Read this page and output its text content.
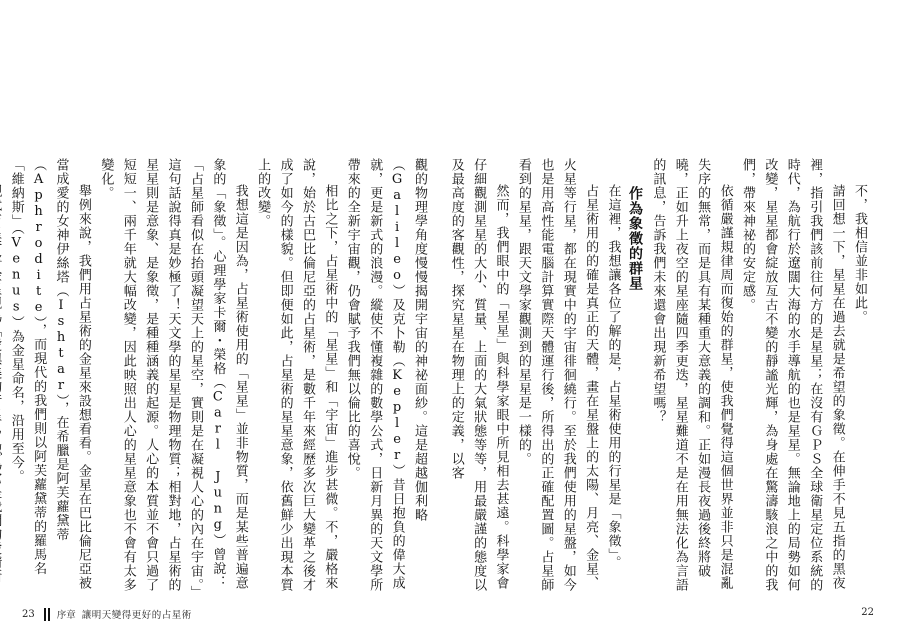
觀的物理學角度慢慢揭開宇宙的神祕面紗。這是超越伽利略（Galileo）及克卜勒（Kepler）昔日抱負的偉大成就，更是新式的浪漫。縱使不懂複雜的數學公式，日新月異的天文學所帶來的全新宇宙觀，仍會賦予我們無以倫比的喜悅。

相比之下，占星術中的「星星」和「宇宙」進步甚微。不，嚴格來說，始於古巴比倫尼亞的占星術，是數千年來經歷多次巨大變革之後才成了如今的樣貌。但即便如此，占星術的星星意象，依舊鮮少出現本質上的改變。

我想這是因為，占星術使用的「星星」並非物質，而是某些普遍意象的「象徵」。心理學家卡爾・榮格（Carl Jung）曾說：「占星師看似在抬頭凝望天上的星空，實則是在凝視人心的內在宇宙。」這句話說得真是妙極了！天文學的星星是物理物質；相對地，占星術的星星則是意象、是象徵，是種種涵義的起源。人心的本質並不會只過了短短一、兩千年就大幅改變，因此映照出人心的星星意象也不會有太多變化。

舉例來說，我們用占星術的金星來設想看看。金星在巴比倫尼亞被當成愛的女神伊絲塔（Ishtar），在希臘是阿芙蘿黛蒂（Aphrodite），而現代的我們則以阿芙蘿黛蒂的羅馬名「維納斯」（Venus）為金星命名，沿用至今。

23 序章 讓明天變得更好的占星術

不，我相信並非如此。

請回想一下，星星在過去就是希望的象徵。在伸手不見五指的黑夜裡，指引我們該前往何方的是星星；在沒有ＧＰＳ全球衛星定位系統的時代，為航行於遼闊大海的水手導航的也是星星。無論地上的局勢如何改變，星星都會綻放亙古不變的靜謐光輝，為身處在驚濤駭浪之中的我們，帶來神祕的安定感。

依循嚴謹規律周而復始的群星，使我們覺得這個世界並非只是混亂失序的無常，而是具有某種重大意義的調和。正如漫長夜過後終將破曉，正如升上夜空的星座隨四季更迭，星星難道不是在用無法化為言語的訊息，告訴我們未來還會出現新希望嗎？

作為象徵的群星

在這裡，我想讓各位了解的是，占星術使用的行星是「象徵」。

占星術用的的確是真正的天體，畫在星盤上的太陽、月亮、金星、火星等行星，都在現實中的宇宙徘徊繞行。至於我們使用的星盤，如今也是用高性能電腦計算實際天體運行後，所得出的正確配置圖。占星師看到的星星，跟天文學家觀測到的星星是一樣的。

然而，我們眼中的「星星」與科學家眼中所見相去甚遠。科學家會仔細觀測星星的大小、質量、上面的大氣狀態等等，用最嚴謹的態度以及最高度的客觀性，探究星星在物理上的定義，以客

22
